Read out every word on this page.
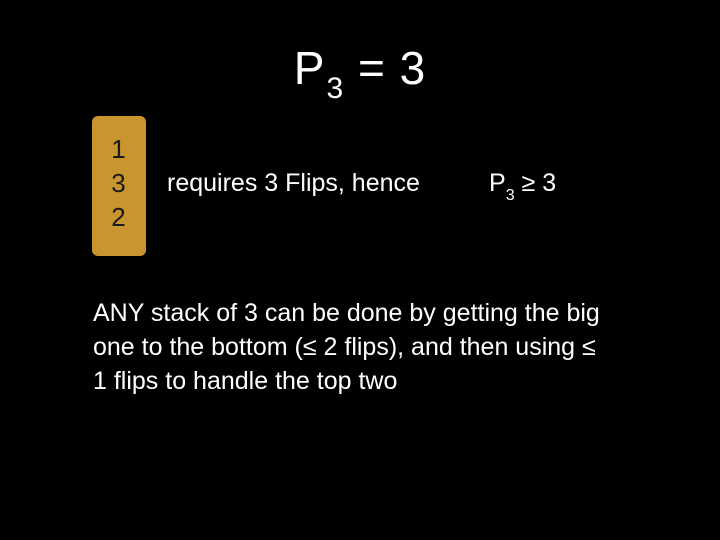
$P_3 = 3$
1
3
2
requires 3 Flips, hence	$P_3 \ge 3$

ANY stack of 3 can be done by getting the big
one to the bottom (≤ 2 flips), and then using ≤
1 flips to handle the top two
